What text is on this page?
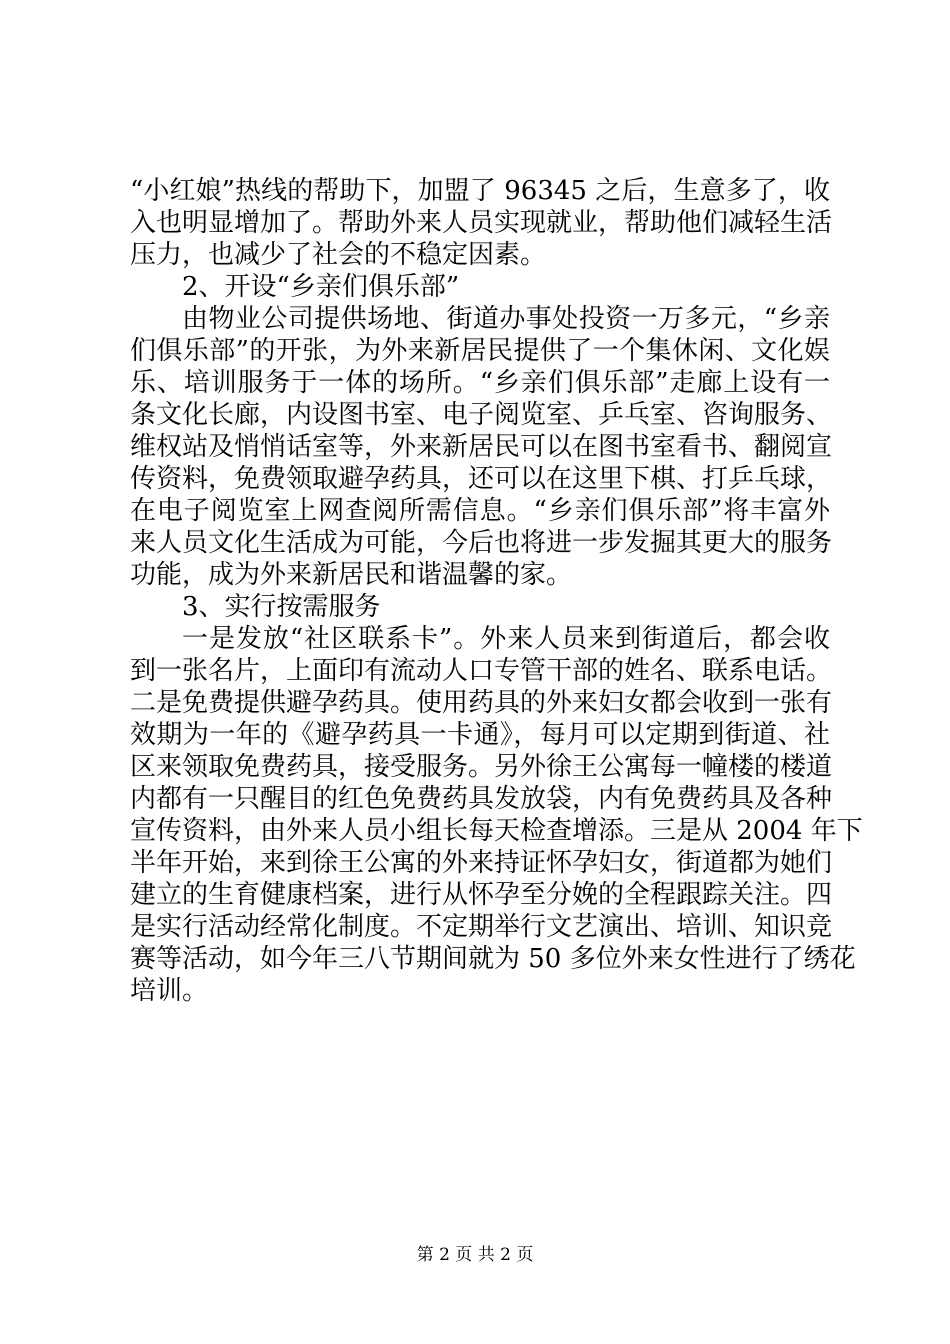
“小红娘”热线的帮助下，加盟了 96345 之后，生意多了，收
入也明显增加了。帮助外来人员实现就业，帮助他们减轻生活
压力，也减少了社会的不稳定因素。
2、开设“乡亲们俱乐部”
由物业公司提供场地、街道办事处投资一万多元，“乡亲
们俱乐部”的开张，为外来新居民提供了一个集休闲、文化娱
乐、培训服务于一体的场所。“乡亲们俱乐部”走廊上设有一
条文化长廊，内设图书室、电子阅览室、乒乓室、咨询服务、
维权站及悄悄话室等，外来新居民可以在图书室看书、翻阅宣
传资料，免费领取避孕药具，还可以在这里下棋、打乒乓球，
在电子阅览室上网查阅所需信息。“乡亲们俱乐部”将丰富外
来人员文化生活成为可能，今后也将进一步发掘其更大的服务
功能，成为外来新居民和谐温馨的家。
3、实行按需服务
一是发放“社区联系卡”。外来人员来到街道后，都会收
到一张名片，上面印有流动人口专管干部的姓名、联系电话。
二是免费提供避孕药具。使用药具的外来妇女都会收到一张有
效期为一年的《避孕药具一卡通》，每月可以定期到街道、社
区来领取免费药具，接受服务。另外徐王公寓每一幢楼的楼道
内都有一只醒目的红色免费药具发放袋，内有免费药具及各种
宣传资料，由外来人员小组长每天检查增添。三是从 2004 年下
半年开始，来到徐王公寓的外来持证怀孕妇女，街道都为她们
建立的生育健康档案，进行从怀孕至分娩的全程跟踪关注。四
是实行活动经常化制度。不定期举行文艺演出、培训、知识竞
赛等活动，如今年三八节期间就为 50 多位外来女性进行了绣花
培训。
第 2 页 共 2 页
